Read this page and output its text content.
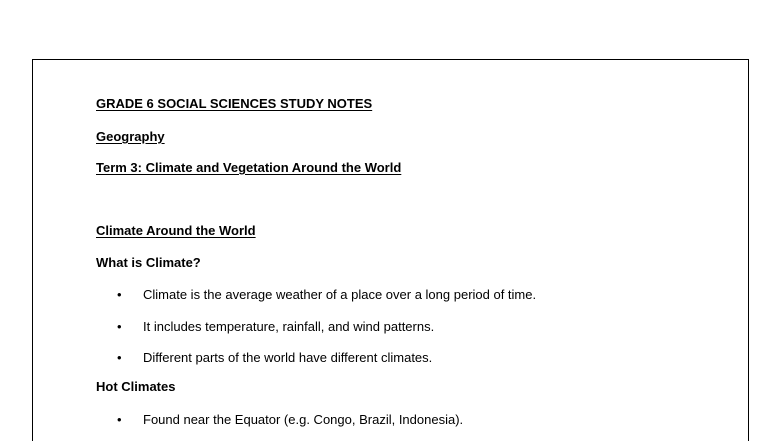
GRADE 6 SOCIAL SCIENCES STUDY NOTES
Geography
Term 3: Climate and Vegetation Around the World
Climate Around the World
What is Climate?
•	Climate is the average weather of a place over a long period of time.
•	It includes temperature, rainfall, and wind patterns.
•	Different parts of the world have different climates.
Hot Climates
•	Found near the Equator (e.g. Congo, Brazil, Indonesia).
